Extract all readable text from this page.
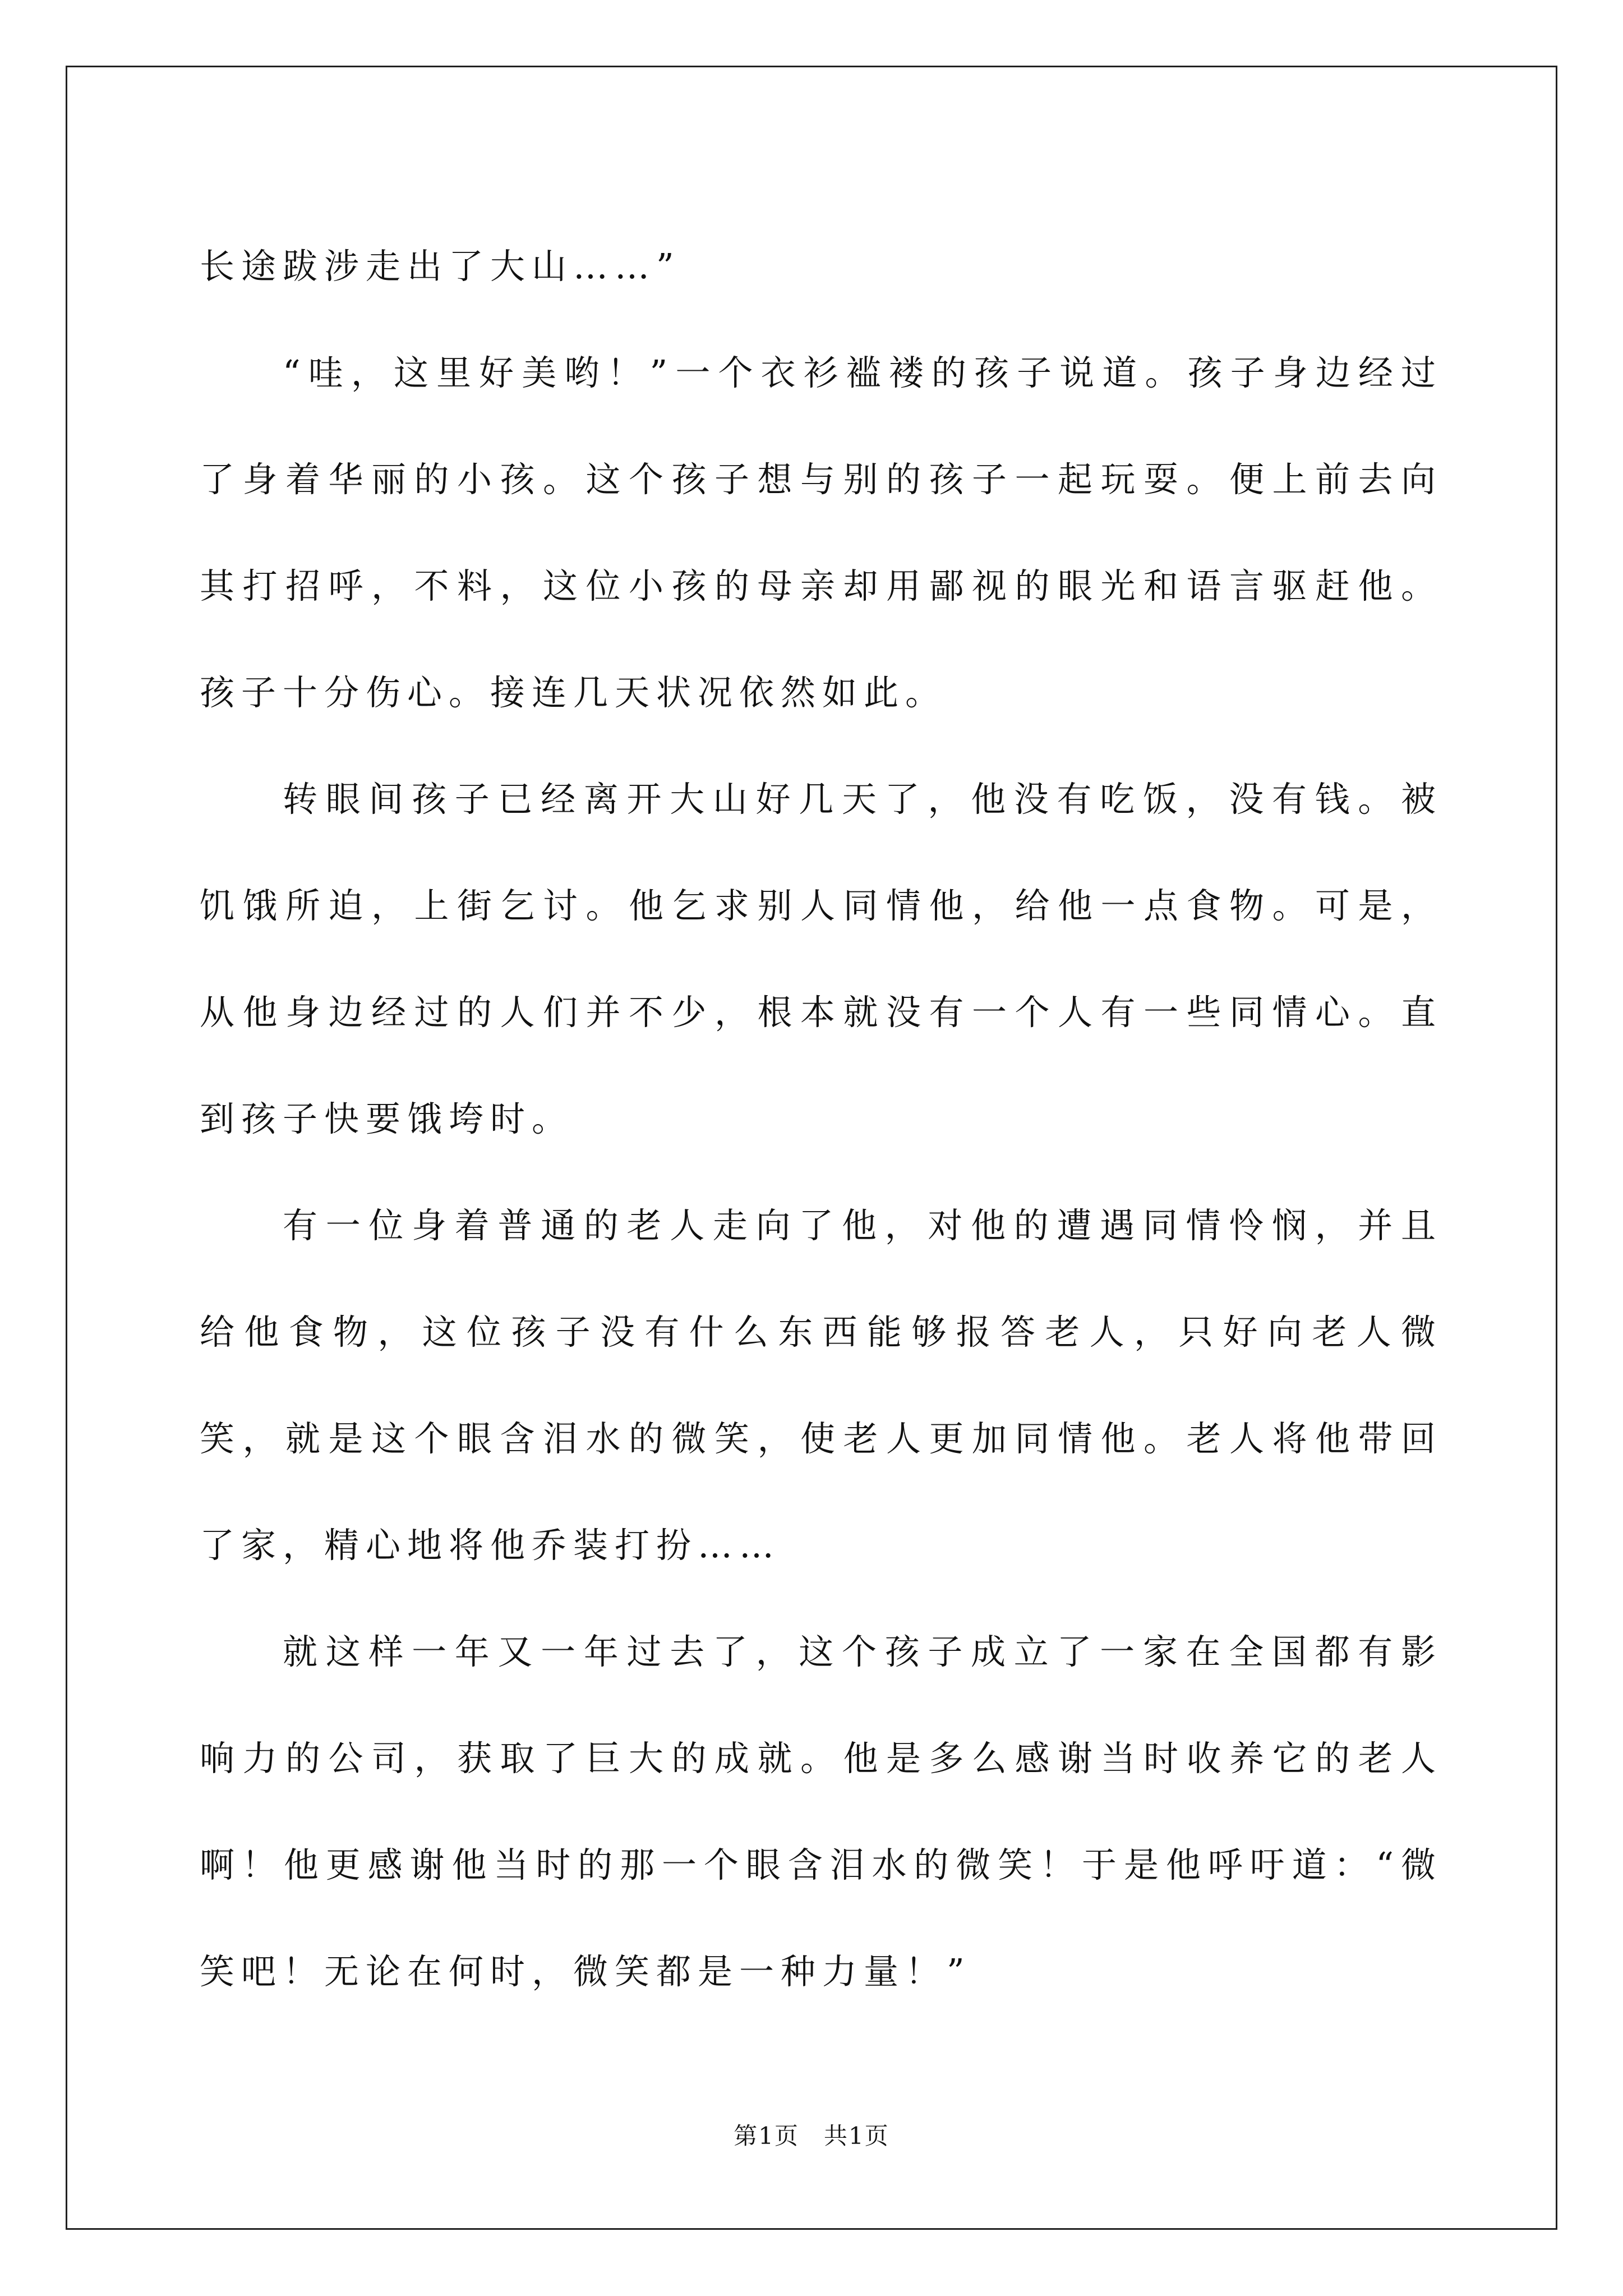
长途跋涉走出了大山……”

“哇，这里好美哟！”一个衣衫褴褛的孩子说道。孩子身边经过了身着华丽的小孩。这个孩子想与别的孩子一起玩耍。便上前去向其打招呼，不料，这位小孩的母亲却用鄙视的眼光和语言驱赶他。孩子十分伤心。接连几天状况依然如此。

转眼间孩子已经离开大山好几天了，他没有吃饭，没有钱。被饥饿所迫，上街乞讨。他乞求别人同情他，给他一点食物。可是，从他身边经过的人们并不少，根本就没有一个人有一些同情心。直到孩子快要饿垮时。

有一位身着普通的老人走向了他，对他的遭遇同情怜悯，并且给他食物，这位孩子没有什么东西能够报答老人，只好向老人微笑，就是这个眼含泪水的微笑，使老人更加同情他。老人将他带回了家，精心地将他乔装打扮……

就这样一年又一年过去了，这个孩子成立了一家在全国都有影响力的公司，获取了巨大的成就。他是多么感谢当时收养它的老人啊！他更感谢他当时的那一个眼含泪水的微笑！于是他呼吁道：“微笑吧！无论在何时，微笑都是一种力量！”

第1页　共1页
